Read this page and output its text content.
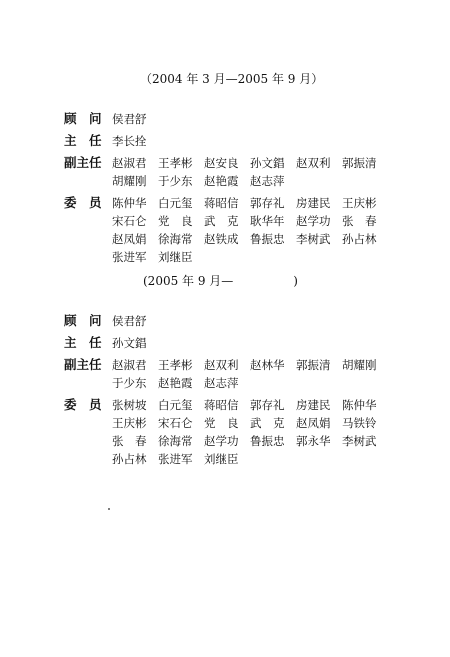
（2004 年 3 月—2005 年 9 月）
顾　问 侯君舒
主　任 李长拴
副主任 赵淑君	王孝彬	赵安良	孙文錩	赵双利	郭振清
胡耀刚	于少东	赵艳霞	赵志萍
委　员 陈仲华	白元玺	蒋昭信	郭存礼	房建民	王庆彬
宋石仑	党　良	武　克	耿华年	赵学功	张　春
赵凤娟	徐海常	赵铁成	鲁振忠	李树武	孙占林
张进军	刘继臣
(2005 年 9 月—　　　　　)
顾　问 侯君舒
主　任 孙文錩
副主任 赵淑君	王孝彬	赵双利	赵林华	郭振清	胡耀刚
于少东	赵艳霞	赵志萍
委　员 张树坡	白元玺	蒋昭信	郭存礼	房建民	陈仲华
王庆彬	宋石仑	党　良	武　克	赵凤娟	马铁铃
张　春	徐海常	赵学功	鲁振忠	郭永华	李树武
孙占林	张进军	刘继臣
